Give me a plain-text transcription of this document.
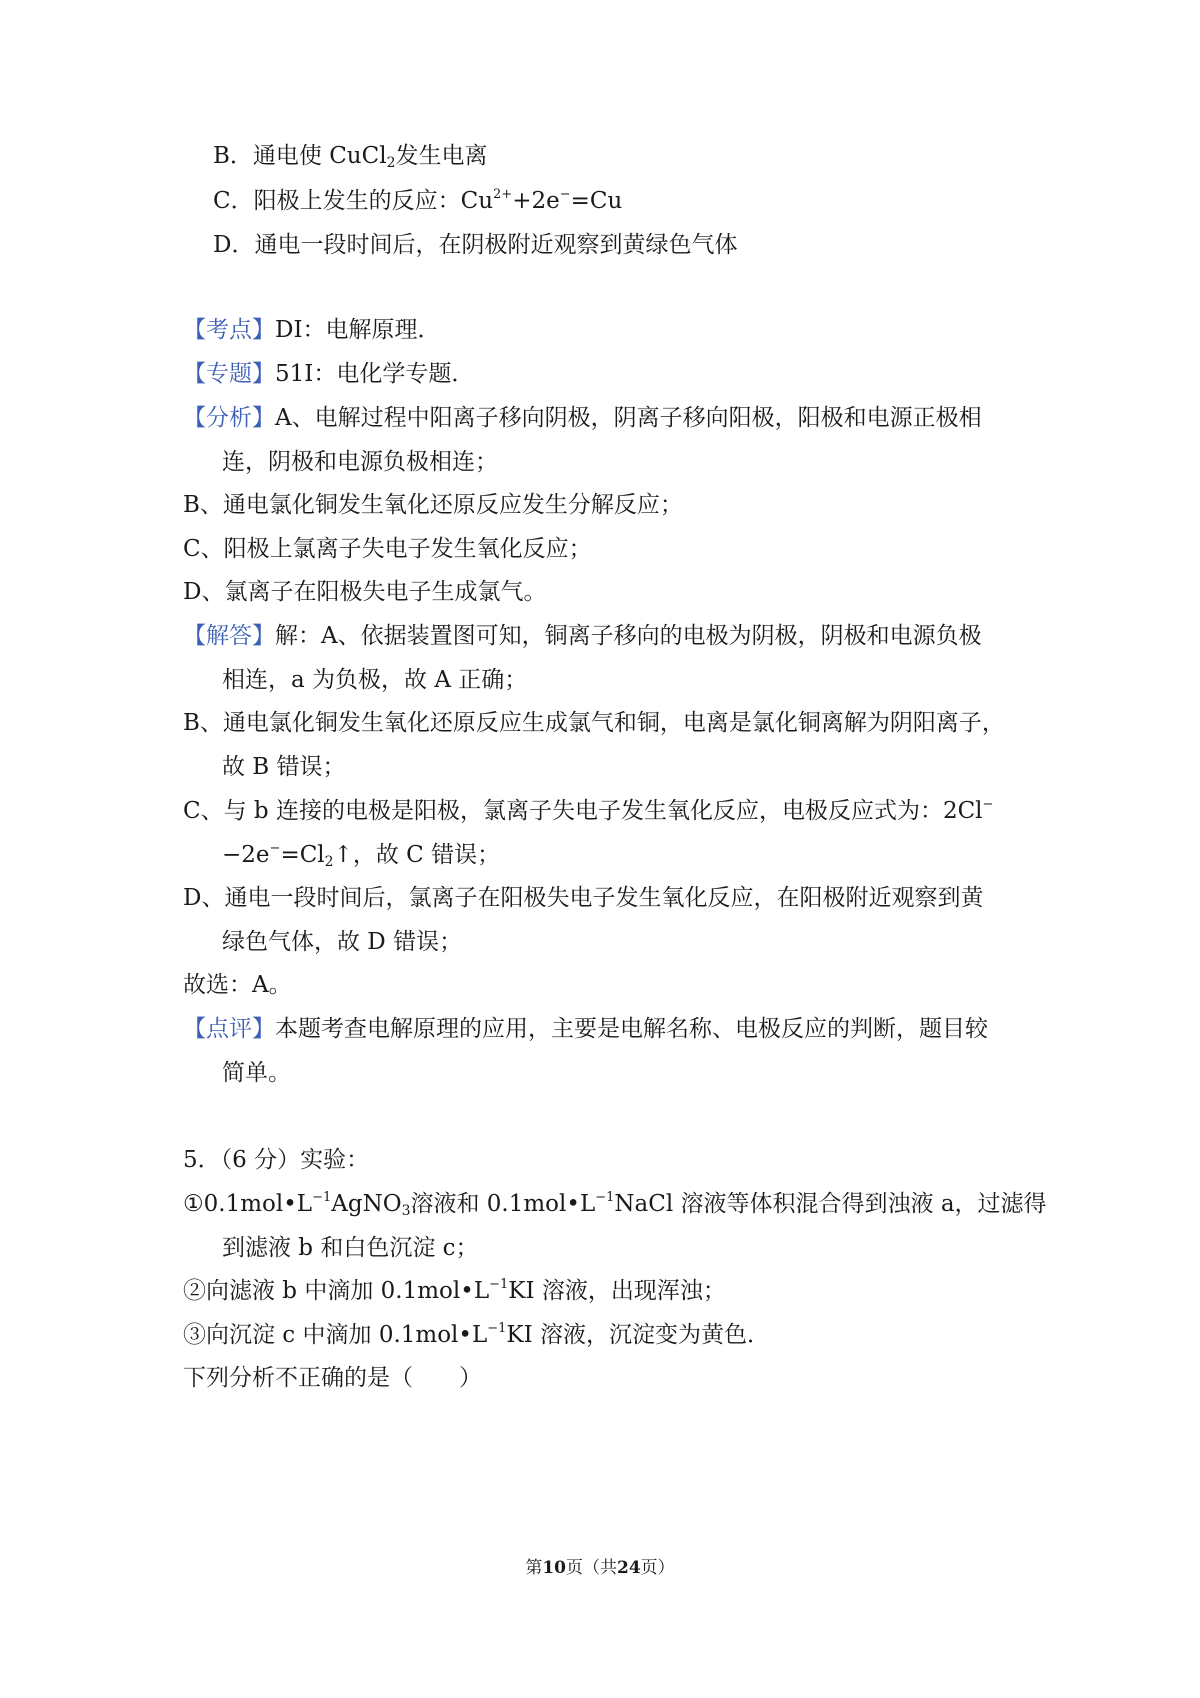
B．通电使 CuCl$_2$发生电离
C．阳极上发生的反应：$Cu^{2+}+2e^-=Cu$
D．通电一段时间后，在阴极附近观察到黄绿色气体
【考点】DI：电解原理．
【专题】51I：电化学专题．
【分析】A、电解过程中阳离子移向阴极，阴离子移向阳极，阳极和电源正极相
连，阴极和电源负极相连；
B、通电氯化铜发生氧化还原反应发生分解反应；
C、阳极上氯离子失电子发生氧化反应；
D、氯离子在阳极失电子生成氯气。
【解答】解：A、依据装置图可知，铜离子移向的电极为阴极，阴极和电源负极
相连，a 为负极，故 A 正确；
B、通电氯化铜发生氧化还原反应生成氯气和铜，电离是氯化铜离解为阴阳离子，
故 B 错误；
C、与 b 连接的电极是阳极，氯离子失电子发生氧化反应，电极反应式为：2Cl−
$-2e^-=Cl_2↑$，故 C 错误；
D、通电一段时间后，氯离子在阳极失电子发生氧化反应，在阳极附近观察到黄
绿色气体，故 D 错误；
故选：A。
【点评】本题考查电解原理的应用，主要是电解名称、电极反应的判断，题目较
简单。
5．（6 分）实验：
$①0.1mol•L^{-1}AgNO_3$溶液和 $0.1mol•L^{-1}NaCl$ 溶液等体积混合得到浊液 a，过滤得
到滤液 b 和白色沉淀 c；
②向滤液 b 中滴加 $0.1mol•L^{-1}KI$ 溶液，出现浑浊；
③向沉淀 c 中滴加 $0.1mol•L^{-1}KI$ 溶液，沉淀变为黄色．
下列分析不正确的是（　　）
第10页（共24页）
